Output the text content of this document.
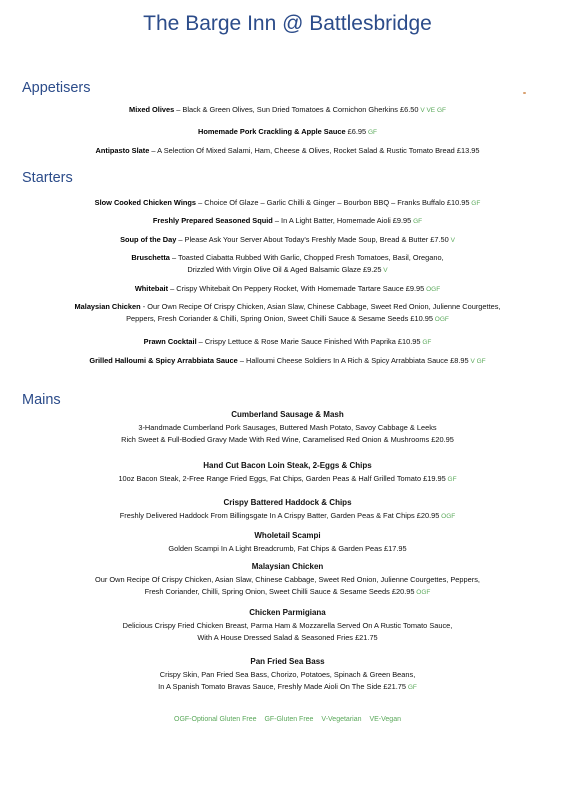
The Barge Inn @ Battlesbridge
Appetisers
Mixed Olives – Black & Green Olives, Sun Dried Tomatoes & Cornichon Gherkins £6.50 V VE GF
Homemade Pork Crackling & Apple Sauce £6.95 GF
Antipasto Slate – A Selection Of Mixed Salami, Ham, Cheese & Olives, Rocket Salad & Rustic Tomato Bread £13.95
Starters
Slow Cooked Chicken Wings – Choice Of Glaze – Garlic Chilli & Ginger – Bourbon BBQ – Franks Buffalo £10.95 GF
Freshly Prepared Seasoned Squid – In A Light Batter, Homemade Aioli £9.95 GF
Soup of the Day – Please Ask Your Server About Today's Freshly Made Soup, Bread & Butter £7.50 V
Bruschetta – Toasted Ciabatta Rubbed With Garlic, Chopped Fresh Tomatoes, Basil, Oregano,
Drizzled With Virgin Olive Oil & Aged Balsamic Glaze £9.25 V
Whitebait – Crispy Whitebait On Peppery Rocket, With Homemade Tartare Sauce £9.95 OGF
Malaysian Chicken - Our Own Recipe Of Crispy Chicken, Asian Slaw, Chinese Cabbage, Sweet Red Onion, Julienne Courgettes,
Peppers, Fresh Coriander & Chilli, Spring Onion, Sweet Chilli Sauce & Sesame Seeds £10.95 OGF
Prawn Cocktail – Crispy Lettuce & Rose Marie Sauce Finished With Paprika £10.95 GF
Grilled Halloumi & Spicy Arrabbiata Sauce – Halloumi Cheese Soldiers In A Rich & Spicy Arrabbiata Sauce £8.95 V GF
Mains
Cumberland Sausage & Mash
3-Handmade Cumberland Pork Sausages, Buttered Mash Potato, Savoy Cabbage & Leeks
Rich Sweet & Full-Bodied Gravy Made With Red Wine, Caramelised Red Onion & Mushrooms £20.95
Hand Cut Bacon Loin Steak, 2-Eggs & Chips
10oz Bacon Steak, 2-Free Range Fried Eggs, Fat Chips, Garden Peas & Half Grilled Tomato £19.95 GF
Crispy Battered Haddock & Chips
Freshly Delivered Haddock From Billingsgate In A Crispy Batter, Garden Peas & Fat Chips £20.95 OGF
Wholetail Scampi
Golden Scampi In A Light Breadcrumb, Fat Chips & Garden Peas £17.95
Malaysian Chicken
Our Own Recipe Of Crispy Chicken, Asian Slaw, Chinese Cabbage, Sweet Red Onion, Julienne Courgettes, Peppers,
Fresh Coriander, Chilli, Spring Onion, Sweet Chilli Sauce & Sesame Seeds £20.95 OGF
Chicken Parmigiana
Delicious Crispy Fried Chicken Breast, Parma Ham & Mozzarella Served On A Rustic Tomato Sauce,
With A House Dressed Salad & Seasoned Fries £21.75
Pan Fried Sea Bass
Crispy Skin, Pan Fried Sea Bass, Chorizo, Potatoes, Spinach & Green Beans,
In A Spanish Tomato Bravas Sauce, Freshly Made Aioli On The Side £21.75 GF
OGF-Optional Gluten Free GF-Gluten Free V-Vegetarian VE-Vegan
